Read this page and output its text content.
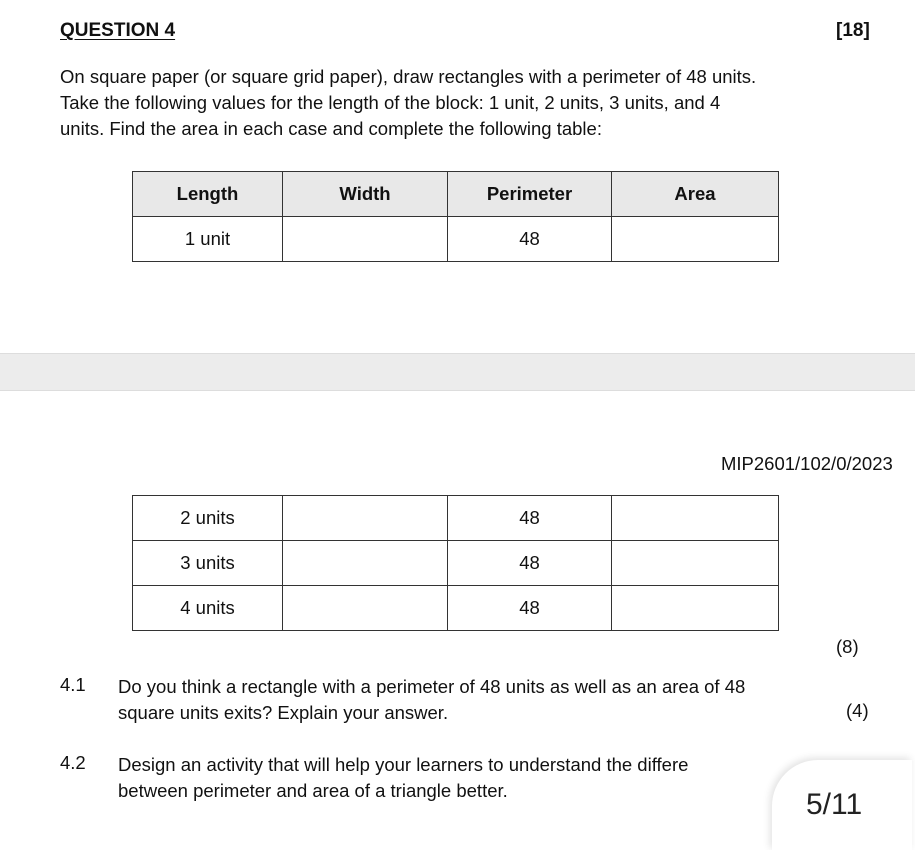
QUESTION 4	[18]

On square paper (or square grid paper), draw rectangles with a perimeter of 48 units.

Take the following values for the length of the block: 1 unit, 2 units, 3 units, and 4

units. Find the area in each case and complete the following table:

Length	Width	Perimeter	Area
1 unit		48	
MIP2601/102/0/2023
2 units		48	
3 units		48	
4 units		48	
(8)
4.1 Do you think a rectangle with a perimeter of 48 units as well as an area of 48

square units exits? Explain your answer.	(4)
4.2 Design an activity that will help your learners to understand the differe

between perimeter and area of a triangle better.	5/11
